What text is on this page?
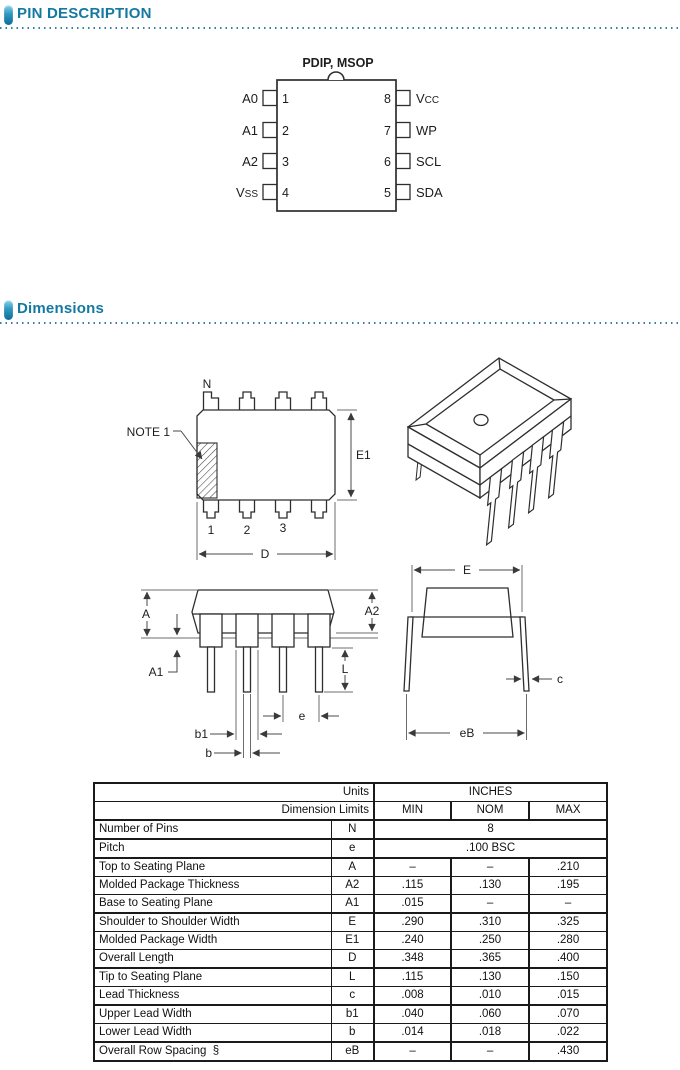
PIN DESCRIPTION
Dimensions
PDIP, MSOP
1
2
3
4
8
7
6
5
A0
A1
A2
VSS
VCC
WP
SCL
SDA
N
NOTE 1
E1
1 2 3
D
A	A2
A1	L
e
b1
b
E
c
eB
Units		INCHES		
Dimension Limits		MIN	NOM	MAX
Number of Pins	N	8		
Pitch	e	.100 BSC		
Top to Seating Plane	A	–	–	.210
Molded Package Thickness	A2	.115	.130	.195
Base to Seating Plane	A1	.015	–	–
Shoulder to Shoulder Width	E	.290	.310	.325
Molded Package Width	E1	.240	.250	.280
Overall Length	D	.348	.365	.400
Tip to Seating Plane	L	.115	.130	.150
Lead Thickness	c	.008	.010	.015
Upper Lead Width	b1	.040	.060	.070
Lower Lead Width	b	.014	.018	.022
Overall Row Spacing  §	eB	–	–	.430
